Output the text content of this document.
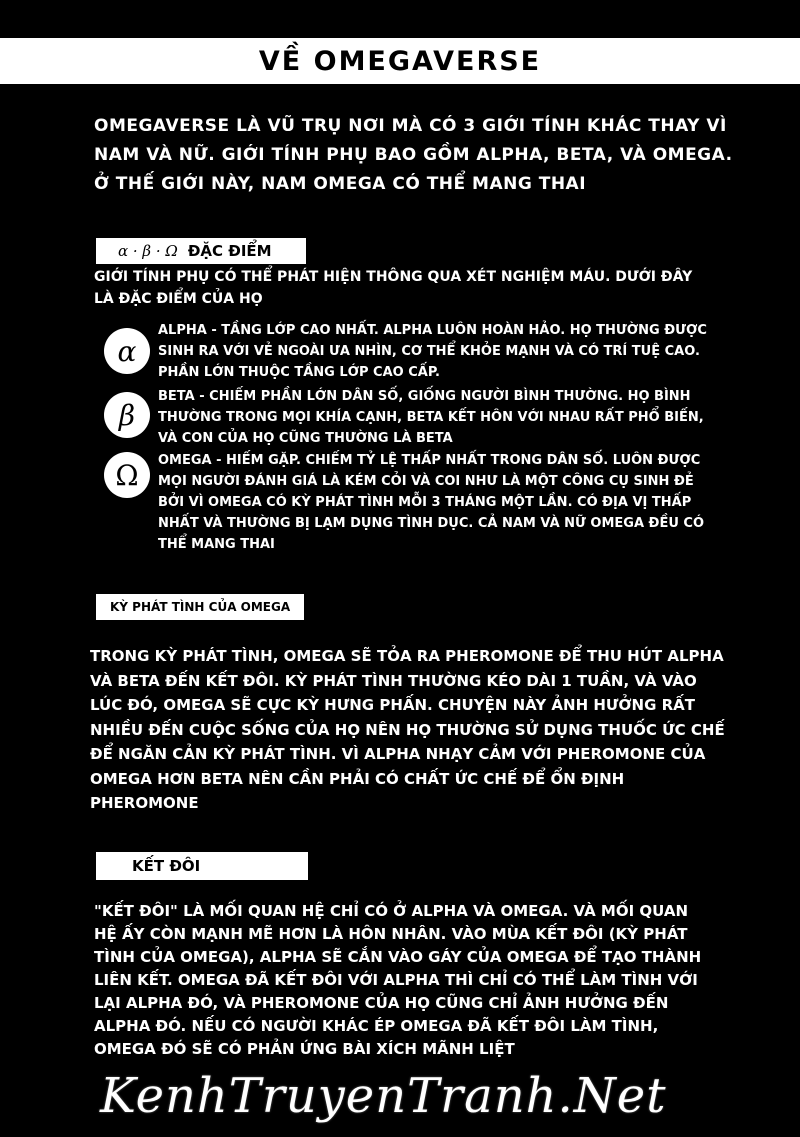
VỀ OMEGAVERSE

OMEGAVERSE LÀ VŨ TRỤ NƠI MÀ CÓ 3 GIỚI TÍNH KHÁC THAY VÌ NAM VÀ NỮ. GIỚI TÍNH PHỤ BAO GỒM ALPHA, BETA, VÀ OMEGA. Ở THẾ GIỚI NÀY, NAM OMEGA CÓ THỂ MANG THAI

α · β · Ω ĐẶC ĐIỂM

GIỚI TÍNH PHỤ CÓ THỂ PHÁT HIỆN THÔNG QUA XÉT NGHIỆM MÁU. DƯỚI ĐÂY LÀ ĐẶC ĐIỂM CỦA HỌ

α

ALPHA - TẦNG LỚP CAO NHẤT. ALPHA LUÔN HOÀN HẢO. HỌ THƯỜNG ĐƯỢC SINH RA VỚI VẺ NGOÀI ƯA NHÌN, CƠ THỂ KHỎE MẠNH VÀ CÓ TRÍ TUỆ CAO. PHẦN LỚN THUỘC TẦNG LỚP CAO CẤP.

β

BETA - CHIẾM PHẦN LỚN DÂN SỐ, GIỐNG NGƯỜI BÌNH THƯỜNG. HỌ BÌNH THƯỜNG TRONG MỌI KHÍA CẠNH, BETA KẾT HÔN VỚI NHAU RẤT PHỔ BIẾN, VÀ CON CỦA HỌ CŨNG THƯỜNG LÀ BETA

Ω	OMEGA - HIẾM GẶP. CHIẾM TỶ LỆ THẤP NHẤT TRONG DÂN SỐ. LUÔN ĐƯỢC MỌI NGƯỜI ĐÁNH GIÁ LÀ KÉM CỎI VÀ COI NHƯ LÀ MỘT CÔNG CỤ SINH ĐẺ BỞI VÌ OMEGA CÓ KỲ PHÁT TÌNH MỖI 3 THÁNG MỘT LẦN. CÓ ĐỊA VỊ THẤP NHẤT VÀ THƯỜNG BỊ LẠM DỤNG TÌNH DỤC. CẢ NAM VÀ NỮ OMEGA ĐỀU CÓ THỂ MANG THAI

KỲ PHÁT TÌNH CỦA OMEGA

TRONG KỲ PHÁT TÌNH, OMEGA SẼ TỎA RA PHEROMONE ĐỂ THU HÚT ALPHA VÀ BETA ĐẾN KẾT ĐÔI. KỲ PHÁT TÌNH THƯỜNG KÉO DÀI 1 TUẦN, VÀ VÀO LÚC ĐÓ, OMEGA SẼ CỰC KỲ HƯNG PHẤN. CHUYỆN NÀY ẢNH HƯỞNG RẤT NHIỀU ĐẾN CUỘC SỐNG CỦA HỌ NÊN HỌ THƯỜNG SỬ DỤNG THUỐC ỨC CHẾ ĐỂ NGĂN CẢN KỲ PHÁT TÌNH. VÌ ALPHA NHẠY CẢM VỚI PHEROMONE CỦA OMEGA HƠN BETA NÊN CẦN PHẢI CÓ CHẤT ỨC CHẾ ĐỂ ỔN ĐỊNH PHEROMONE

KẾT ĐÔI

"KẾT ĐÔI" LÀ MỐI QUAN HỆ CHỈ CÓ Ở ALPHA VÀ OMEGA. VÀ MỐI QUAN HỆ ẤY CÒN MẠNH MẼ HƠN LÀ HÔN NHÂN. VÀO MÙA KẾT ĐÔI (KỲ PHÁT TÌNH CỦA OMEGA), ALPHA SẼ CẮN VÀO GÁY CỦA OMEGA ĐỂ TẠO THÀNH LIÊN KẾT. OMEGA ĐÃ KẾT ĐÔI VỚI ALPHA THÌ CHỈ CÓ THỂ LÀM TÌNH VỚI LẠI ALPHA ĐÓ, VÀ PHEROMONE CỦA HỌ CŨNG CHỈ ẢNH HƯỞNG ĐẾN ALPHA ĐÓ. NẾU CÓ NGƯỜI KHÁC ÉP OMEGA ĐÃ KẾT ĐÔI LÀM TÌNH, OMEGA ĐÓ SẼ CÓ PHẢN ỨNG BÀI XÍCH MÃNH LIỆT

KenhTruyenTranh.Net
